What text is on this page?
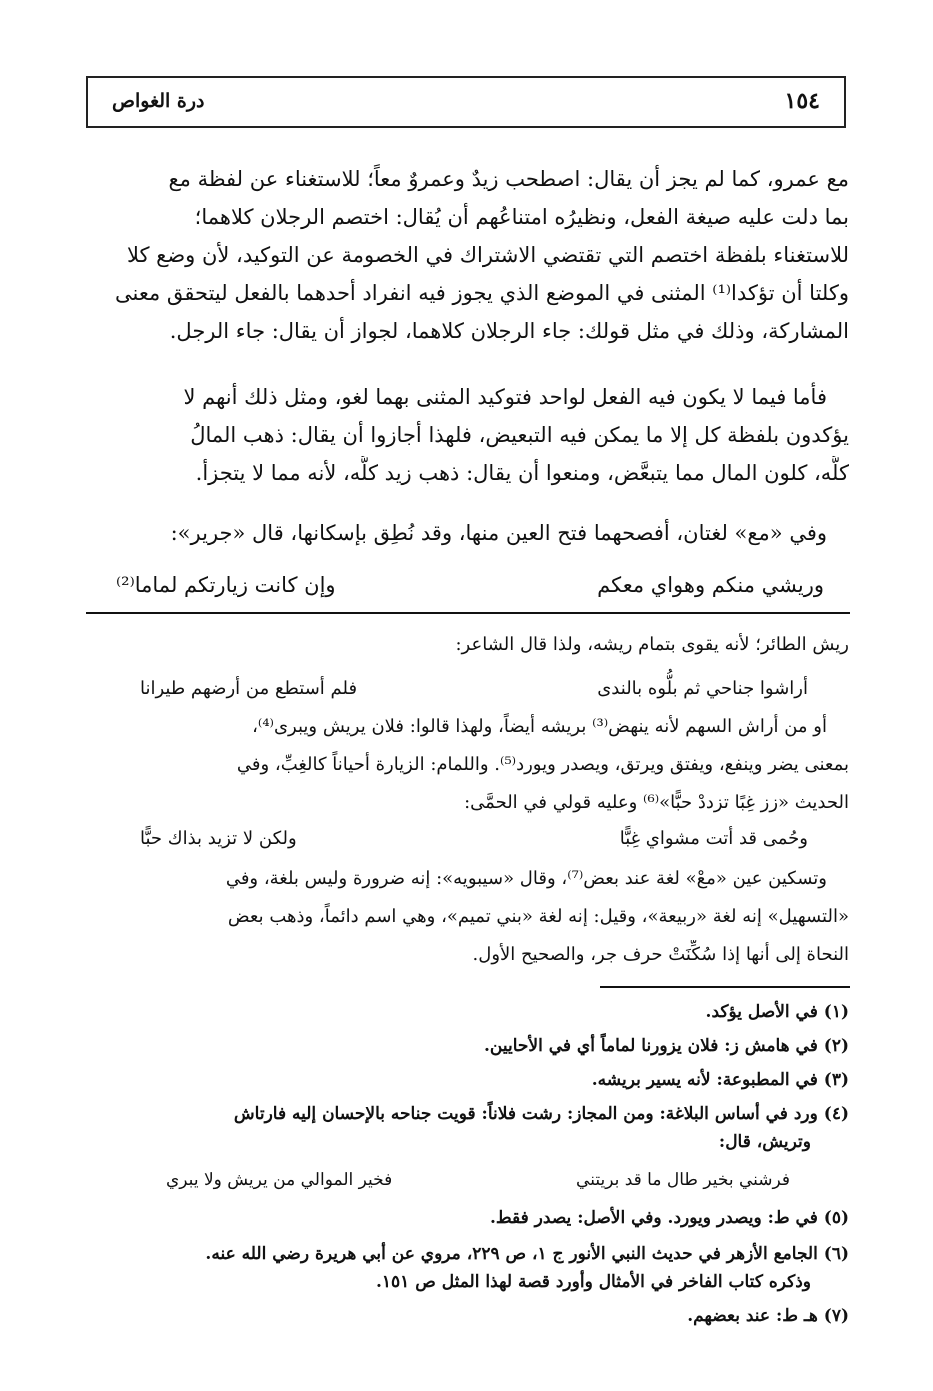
١٥٤
درة الغواص
مع عمرو، كما لم يجز أن يقال: اصطحب زيدٌ وعمروٌ معاً؛ للاستغناء عن لفظة مع
بما دلت عليه صيغة الفعل، ونظيرُه امتناعُهم أن يُقال: اختصم الرجلان كلاهما؛
للاستغناء بلفظة اختصم التي تقتضي الاشتراك في الخصومة عن التوكيد، لأن وضع كلا
وكلتا أن تؤكدا⁽¹⁾ المثنى في الموضع الذي يجوز فيه انفراد أحدهما بالفعل ليتحقق معنى
المشاركة، وذلك في مثل قولك: جاء الرجلان كلاهما، لجواز أن يقال: جاء الرجل.
فأما فيما لا يكون فيه الفعل لواحد فتوكيد المثنى بهما لغو، ومثل ذلك أنهم لا
يؤكدون بلفظة كل إلا ما يمكن فيه التبعيض، فلهذا أجازوا أن يقال: ذهب المالُ
كلُّه، كلون المال مما يتبعَّض، ومنعوا أن يقال: ذهب زيد كلُّه، لأنه مما لا يتجزأ.
وفي «مع» لغتان، أفصحهما فتح العين منها، وقد نُطِق بإسكانها، قال «جرير»:
وريشي منكم وهواي معكم
وإن كانت زيارتكم لماما⁽²⁾
ريش الطائر؛ لأنه يقوى بتمام ريشه، ولذا قال الشاعر:
أراشوا جناحي ثم بلُّوه بالندى
فلم أستطع من أرضهم طيرانا
أو من أراش السهم لأنه ينهض⁽³⁾ بريشه أيضاً، ولهذا قالوا: فلان يريش ويبرى⁽⁴⁾،
بمعنى يضر وينفع، ويفتق ويرتق، ويصدر ويورد⁽⁵⁾. واللمام: الزيارة أحياناً كالغِبِّ، وفي
الحديث «زز غِبًا تزددْ حبًّا»⁽⁶⁾ وعليه قولي في الحمَّى:
وحُمى قد أتت مشواي غِبًّا
ولكن لا تزيد بذاك حبًّا
وتسكين عين «معْ» لغة عند بعض⁽⁷⁾، وقال «سيبويه»: إنه ضرورة وليس بلغة، وفي
«التسهيل» إنه لغة «ربيعة»، وقيل: إنه لغة «بني تميم»، وهي اسم دائماً، وذهب بعض
النحاة إلى أنها إذا سُكِّنَتْ حرف جر، والصحيح الأول.
(١) في الأصل يؤكد.
(٢) في هامش ز: فلان يزورنا لماماً أي في الأحايين.
(٣) في المطبوعة: لأنه يسير بريشه.
(٤) ورد في أساس البلاغة: ومن المجاز: رشت فلاناً: قويت جناحه بالإحسان إليه فارتاش
وتريش، قال:
فرشني بخير طال ما قد بريتني
فخير الموالي من يريش ولا يبري
(٥) في ط: ويصدر ويورد. وفي الأصل: يصدر فقط.
(٦) الجامع الأزهر في حديث النبي الأنور ج ١، ص ٢٢٩، مروي عن أبي هريرة رضي الله عنه.
وذكره كتاب الفاخر في الأمثال وأورد قصة لهذا المثل ص ١٥١.
(٧) هـ ط: عند بعضهم.
